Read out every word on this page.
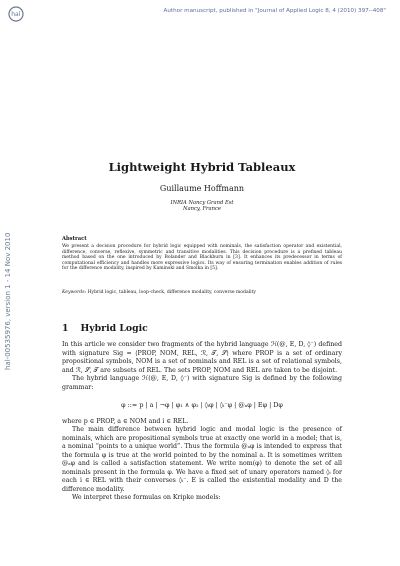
hal	Author manuscript, published in "Journal of Applied Logic 8, 4 (2010) 397--408"
hal-00535976, version 1 - 14 Nov 2010
Lightweight Hybrid Tableaux
Guillaume Hoffmann
INRIA Nancy Grand Est
Nancy, France
Abstract
We present a decision procedure for hybrid logic equipped with nominals, the satisfaction operator and existential, difference, converse, reflexive, symmetric and transitive modalities. This decision procedure is a prefixed tableau method based on the one introduced by Bolander and Blackburn in [3]. It enhances its predecessor in terms of computational efficiency and handles more expressive logics. Its way of ensuring termination enables addition of rules for the difference modality, inspired by Kaminski and Smolka in [5].
Keywords: Hybrid logic, tableau, loop-check, difference modality, converse modality
1 Hybrid Logic

In this article we consider two fragments of the hybrid language ℋ(@, E, D, ◊⁻) defined with signature Sig = ⟨PROP, NOM, REL, ℛ, 𝒯, 𝒮⟩ where PROP is a set of ordinary propositional symbols, NOM is a set of nominals and REL is a set of relational symbols, and ℛ, 𝒮, 𝒯 are subsets of REL. The sets PROP, NOM and REL are taken to be disjoint.

The hybrid language ℋ(@, E, D, ◊⁻) with signature Sig is defined by the following grammar:

φ ::= p | a | ¬φ | φ₁ ∧ φ₂ | ◊ᵢφ | ◊ᵢ⁻φ | @ₐφ | Eφ | Dφ

where p ∈ PROP, a ∈ NOM and i ∈ REL.

The main difference between hybrid logic and modal logic is the presence of nominals, which are propositional symbols true at exactly one world in a model; that is, a nominal “points to a unique world”. Thus the formula @ₐφ is intended to express that the formula φ is true at the world pointed to by the nominal a. It is sometimes written @ₐφ and is called a satisfaction statement. We write nom(φ) to denote the set of all nominals present in the formula φ. We have a fixed set of unary operators named ◊ᵢ for each i ∈ REL with their converses ◊ᵢ⁻. E is called the existential modality and D the difference modality.

We interpret these formulas on Kripke models:
